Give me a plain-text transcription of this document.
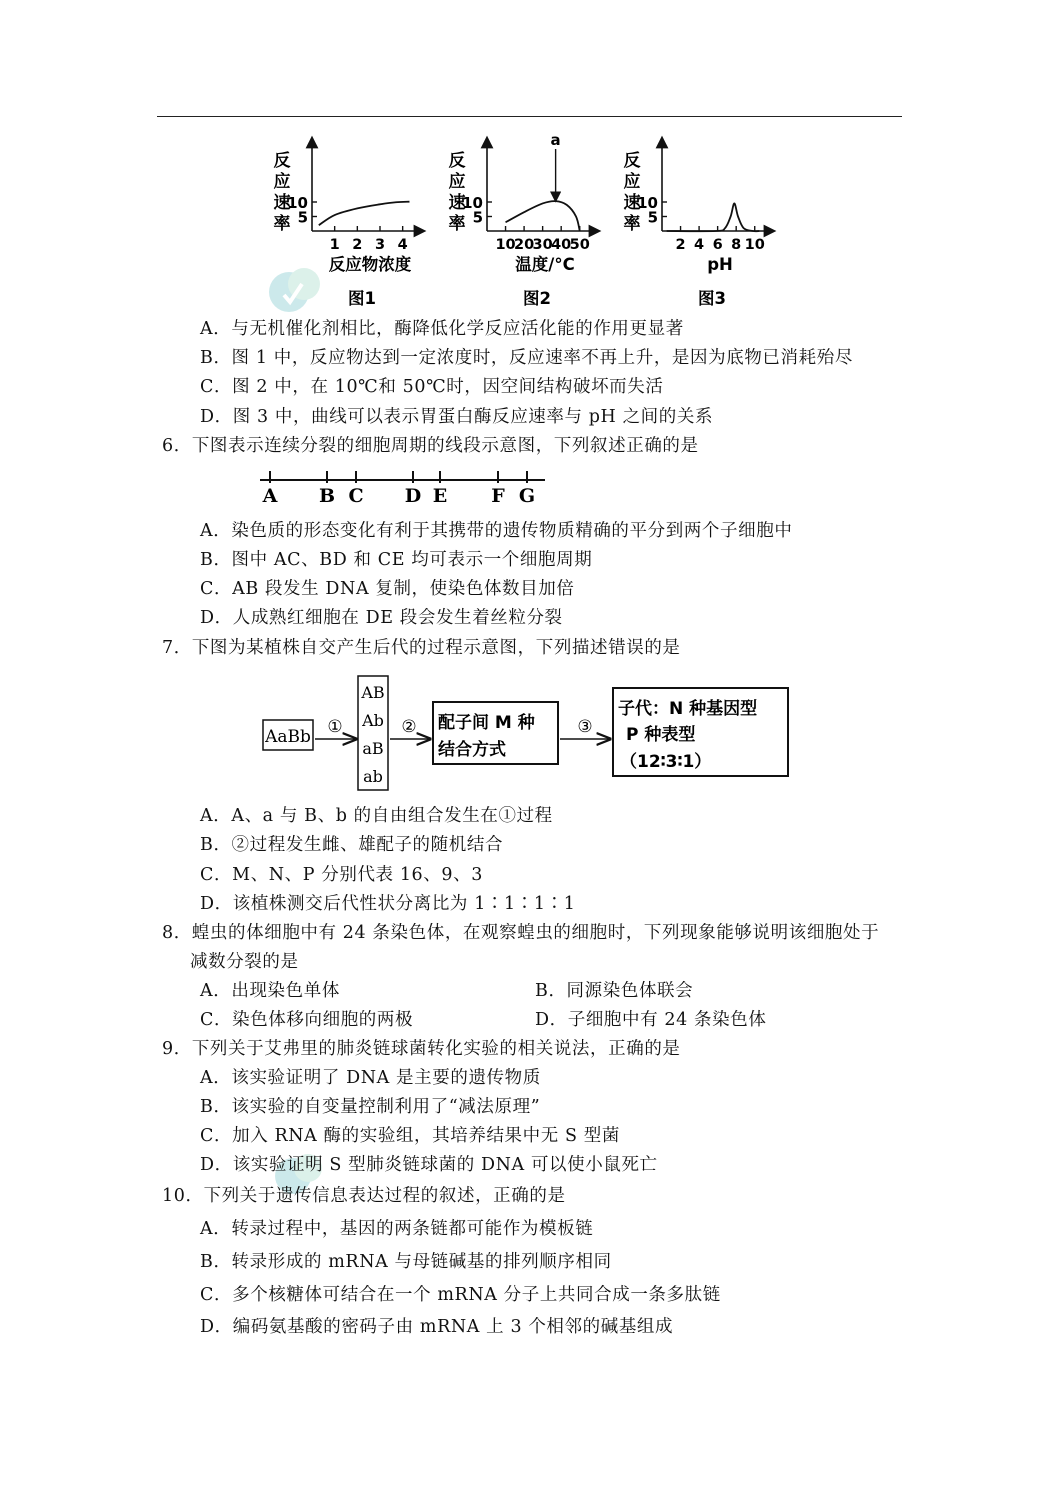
反
应
速
率
10
5
1 2 3 4
反应物浓度
图1
反
应
速
率
10
5
10
20
30
40
50
温度/°C
图2
a
反
应
速
率
10
5
2 4 6 8 10
pH
图3
A．与无机催化剂相比，酶降低化学反应活化能的作用更显著
B．图 1 中，反应物达到一定浓度时，反应速率不再上升，是因为底物已消耗殆尽
C．图 2 中，在 10℃和 50℃时，因空间结构破坏而失活
D．图 3 中，曲线可以表示胃蛋白酶反应速率与 pH 之间的关系
6．下图表示连续分裂的细胞周期的线段示意图，下列叙述正确的是
A B C D E F G
A．染色质的形态变化有利于其携带的遗传物质精确的平分到两个子细胞中
B．图中 AC、BD 和 CE 均可表示一个细胞周期
C．AB 段发生 DNA 复制，使染色体数目加倍
D．人成熟红细胞在 DE 段会发生着丝粒分裂
7．下图为某植株自交产生后代的过程示意图，下列描述错误的是
AaBb ①
AB
Ab
aB
ab
② 配子间 M 种
结合方式
③
子代：N 种基因型
P 种表型
（12∶3∶1）
A．A、a 与 B、b 的自由组合发生在①过程
B．②过程发生雌、雄配子的随机结合
C．M、N、P 分别代表 16、9、3
D．该植株测交后代性状分离比为 1∶1∶1∶1
8．蝗虫的体细胞中有 24 条染色体，在观察蝗虫的细胞时，下列现象能够说明该细胞处于
减数分裂的是
A．出现染色单体	B．同源染色体联会
C．染色体移向细胞的两极	D．子细胞中有 24 条染色体
9．下列关于艾弗里的肺炎链球菌转化实验的相关说法，正确的是
A．该实验证明了 DNA 是主要的遗传物质
B．该实验的自变量控制利用了“减法原理”
C．加入 RNA 酶的实验组，其培养结果中无 S 型菌
D．该实验证明 S 型肺炎链球菌的 DNA 可以使小鼠死亡
10．下列关于遗传信息表达过程的叙述，正确的是
A．转录过程中，基因的两条链都可能作为模板链
B．转录形成的 mRNA 与母链碱基的排列顺序相同
C．多个核糖体可结合在一个 mRNA 分子上共同合成一条多肽链
D．编码氨基酸的密码子由 mRNA 上 3 个相邻的碱基组成
